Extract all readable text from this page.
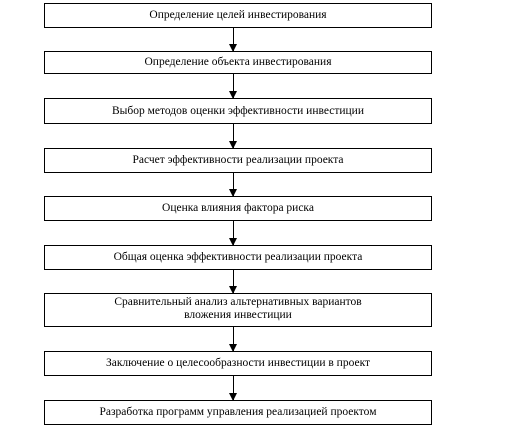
Определение целей инвестирования
Определение объекта инвестирования
Выбор методов оценки эффективности инвестиции
Расчет эффективности реализации проекта
Оценка влияния фактора риска
Общая оценка эффективности реализации проекта
Сравнительный анализ альтернативных вариантов вложения инвестиции
Заключение о целесообразности инвестиции в проект
Разработка программ управления реализацией проектом
